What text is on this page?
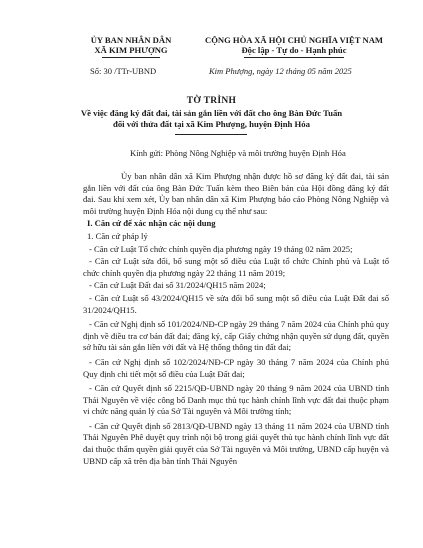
ỦY BAN NHÂN DÂN
XÃ KIM PHƯỢNG
CỘNG HÒA XÃ HỘI CHỦ NGHĨA VIỆT NAM
Độc lập - Tự do - Hạnh phúc
Số: 30 /TTr-UBND	Kim Phượng, ngày 12 tháng 05 năm 2025
TỜ TRÌNH
Về việc đăng ký đất đai, tài sản gắn liền với đất cho ông Bàn Đức Tuấn
đối với thửa đất tại xã Kim Phượng, huyện Định Hóa
Kính gửi: Phòng Nông Nghiệp và môi trường huyện Định Hóa

Ủy ban nhân dân xã Kim Phượng nhận được hồ sơ đăng ký đất đai, tài sản gắn liền với đất của ông Bàn Đức Tuấn kèm theo Biên bản của Hội đồng đăng ký đất đai. Sau khi xem xét, Ủy ban nhân dân xã Kim Phượng báo cáo Phòng Nông Nghiệp và môi trường huyện Định Hóa nội dung cụ thể như sau:

I. Căn cứ để xác nhận các nội dung

1. Căn cứ pháp lý

- Căn cứ Luật Tổ chức chính quyền địa phương ngày 19 tháng 02 năm 2025;

- Căn cứ Luật sửa đổi, bổ sung một số điều của Luật tổ chức Chính phủ và Luật tổ chức chính quyền địa phương ngày 22 tháng 11 năm 2019;

- Căn cứ Luật Đất đai số 31/2024/QH15 năm 2024;

- Căn cứ Luật số 43/2024/QH15 về sửa đổi bổ sung một số điều của Luật Đất đai số 31/2024/QH15.

- Căn cứ Nghị định số 101/2024/NĐ-CP ngày 29 tháng 7 năm 2024 của Chính phủ quy định về điều tra cơ bản đất đai; đăng ký, cấp Giấy chứng nhận quyền sử dụng đất, quyền sở hữu tài sản gắn liền với đất và Hệ thống thông tin đất đai;

- Căn cứ Nghị định số 102/2024/NĐ-CP ngày 30 tháng 7 năm 2024 của Chính phủ Quy định chi tiết một số điều của Luật Đất đai;

- Căn cứ Quyết định số 2215/QĐ-UBND ngày 20 tháng 9 năm 2024 của UBND tỉnh Thái Nguyên về việc công bố Danh mục thủ tục hành chính lĩnh vực đất đai thuộc phạm vi chức năng quản lý của Sở Tài nguyên và Môi trường tỉnh;

- Căn cứ Quyết định số 2813/QĐ-UBND ngày 13 tháng 11 năm 2024 của UBND tỉnh Thái Nguyên Phê duyệt quy trình nội bộ trong giải quyết thủ tục hành chính lĩnh vực đất đai thuộc thẩm quyền giải quyết của Sở Tài nguyên và Môi trường, UBND cấp huyện và UBND cấp xã trên địa bàn tỉnh Thái Nguyên
